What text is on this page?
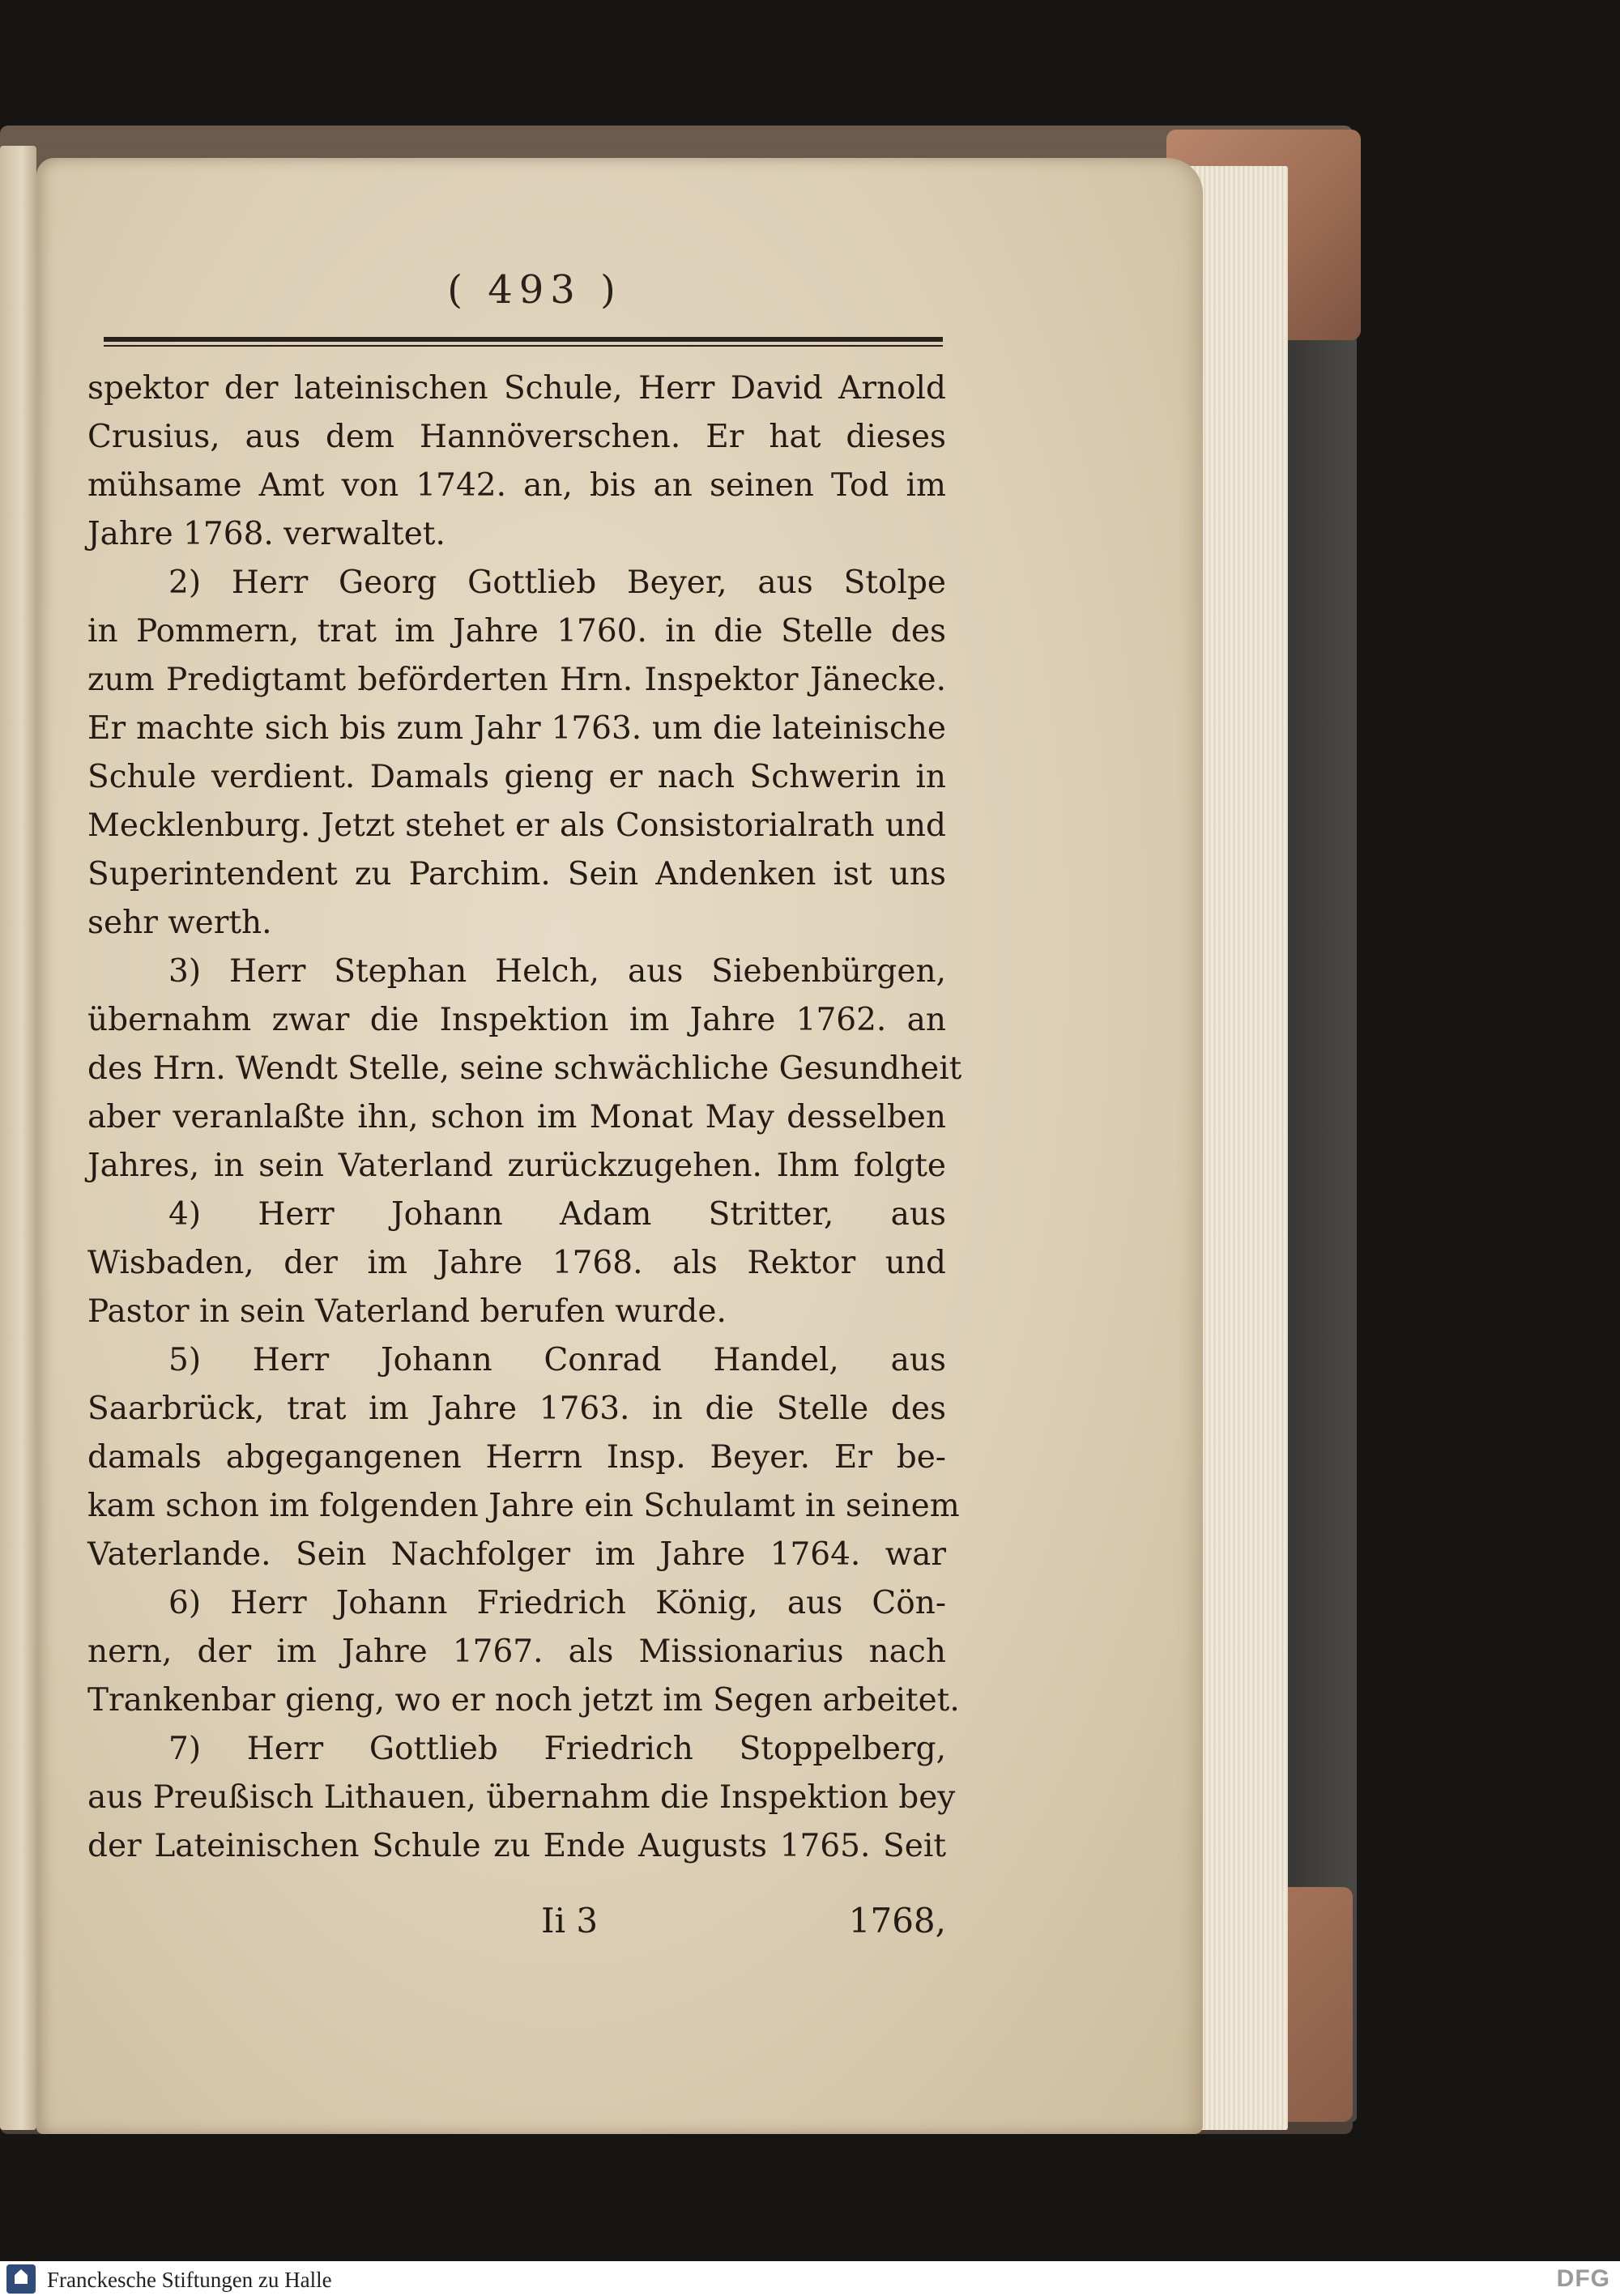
( 493 )
spektor der lateinischen Schule, Herr David Arnold
Crusius, aus dem Hannöverschen. Er hat dieses
mühsame Amt von 1742. an, bis an seinen Tod im
Jahre 1768. verwaltet.
2) Herr Georg Gottlieb Beyer, aus Stolpe
in Pommern, trat im Jahre 1760. in die Stelle des
zum Predigtamt beförderten Hrn. Inspektor Jänecke.
Er machte sich bis zum Jahr 1763. um die lateinische
Schule verdient. Damals gieng er nach Schwerin in
Mecklenburg. Jetzt stehet er als Consistorialrath und
Superintendent zu Parchim. Sein Andenken ist uns
sehr werth.
3) Herr Stephan Helch, aus Siebenbürgen,
übernahm zwar die Inspektion im Jahre 1762. an
des Hrn. Wendt Stelle, seine schwächliche Gesundheit
aber veranlaßte ihn, schon im Monat May desselben
Jahres, in sein Vaterland zurückzugehen. Ihm folgte
4) Herr Johann Adam Stritter, aus
Wisbaden, der im Jahre 1768. als Rektor und
Pastor in sein Vaterland berufen wurde.
5) Herr Johann Conrad Handel, aus
Saarbrück, trat im Jahre 1763. in die Stelle des
damals abgegangenen Herrn Insp. Beyer. Er be-
kam schon im folgenden Jahre ein Schulamt in seinem
Vaterlande. Sein Nachfolger im Jahre 1764. war
6) Herr Johann Friedrich König, aus Cön-
nern, der im Jahre 1767. als Missionarius nach
Trankenbar gieng, wo er noch jetzt im Segen arbeitet.
7) Herr Gottlieb Friedrich Stoppelberg,
aus Preußisch Lithauen, übernahm die Inspektion bey
der Lateinischen Schule zu Ende Augusts 1765. Seit
Ii 3	1768,
Franckesche Stiftungen zu Halle	DFG
